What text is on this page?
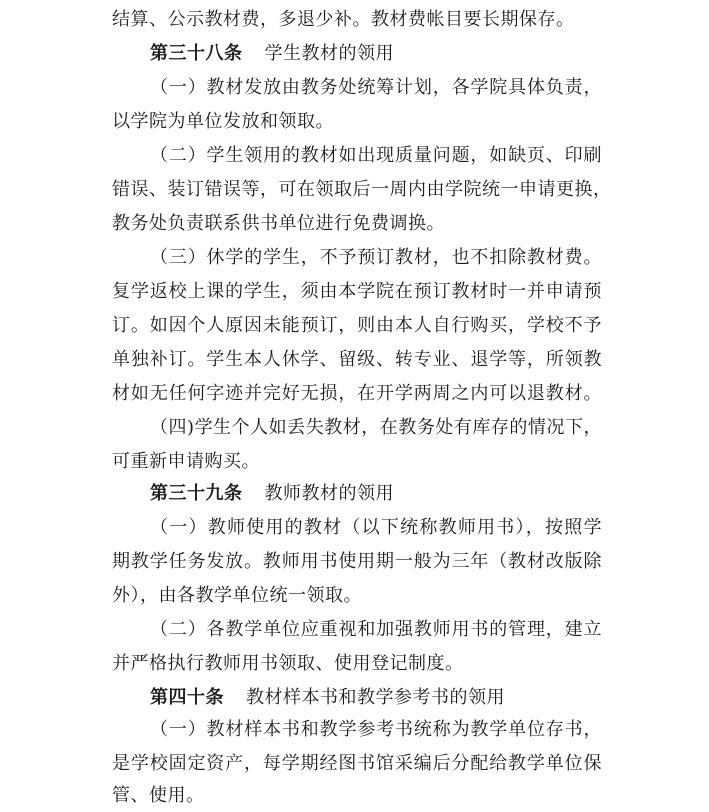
结算、公示教材费，多退少补。教材费帐目要长期保存。
第三十八条 学生教材的领用
（一）教材发放由教务处统筹计划，各学院具体负责，
以学院为单位发放和领取。
（二）学生领用的教材如出现质量问题，如缺页、印刷
错误、装订错误等，可在领取后一周内由学院统一申请更换，
教务处负责联系供书单位进行免费调换。
（三）休学的学生，不予预订教材，也不扣除教材费。
复学返校上课的学生，须由本学院在预订教材时一并申请预
订。如因个人原因未能预订，则由本人自行购买，学校不予
单独补订。学生本人休学、留级、转专业、退学等，所领教
材如无任何字迹并完好无损，在开学两周之内可以退教材。
（四)学生个人如丢失教材，在教务处有库存的情况下，
可重新申请购买。
第三十九条 教师教材的领用
（一）教师使用的教材（以下统称教师用书），按照学
期教学任务发放。教师用书使用期一般为三年（教材改版除
外），由各教学单位统一领取。
（二）各教学单位应重视和加强教师用书的管理，建立
并严格执行教师用书领取、使用登记制度。
第四十条 教材样本书和教学参考书的领用
（一）教材样本书和教学参考书统称为教学单位存书，
是学校固定资产，每学期经图书馆采编后分配给教学单位保
管、使用。
